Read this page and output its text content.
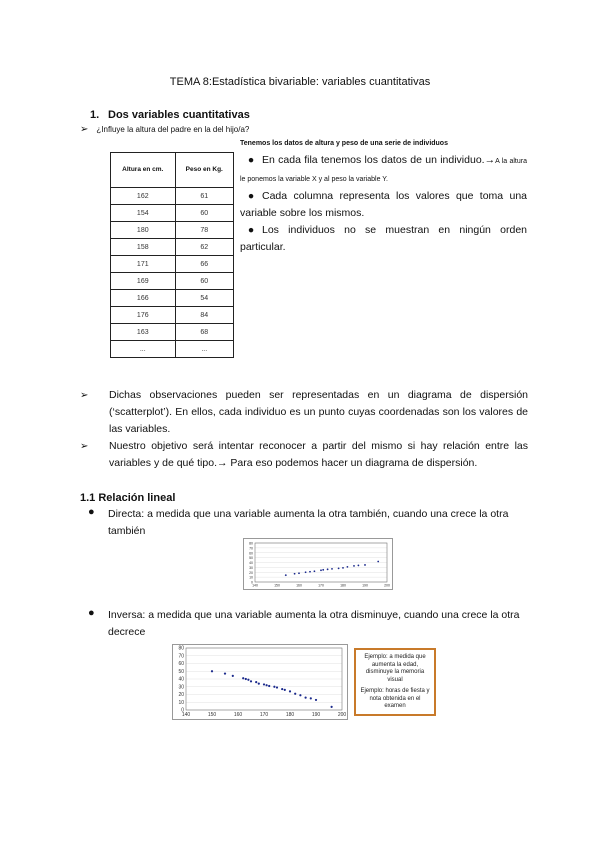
TEMA 8:Estadística bivariable: variables cuantitativas
1. Dos variables cuantitativas
➢ ¿Influye la altura del padre en la del hijo/a?
Tenemos los datos de altura y peso de una serie de individuos
Altura en cm.	Peso en Kg.
162	61
154	60
180	78
158	62
171	66
169	60
166	54
176	84
163	68
...	...
● En cada fila tenemos los datos de un individuo.→A la altura le ponemos la variable X y al peso la variable Y.
● Cada columna representa los valores que toma una variable sobre los mismos.
● Los individuos no se muestran en ningún orden particular.
➢ Dichas observaciones pueden ser representadas en un diagrama de dispersión (‘scatterplot’). En ellos, cada individuo es un punto cuyas coordenadas son los valores de las variables.
➢ Nuestro objetivo será intentar reconocer a partir del mismo si hay relación entre las variables y de qué tipo.→ Para eso podemos hacer un diagrama de dispersión.
1.1 Relación lineal
● Directa: a medida que una variable aumenta la otra también, cuando una crece la otra también
0
10
20
30
40
50
60
70
80
140	150	160	170	180	190	200
● Inversa: a medida que una variable aumenta la otra disminuye, cuando una crece la otra decrece
0
10
20
30
40
50
60
70
80
140	150	160	170	180	190	200

Ejemplo: a medida que aumenta la edad, disminuye la memoria visual

Ejemplo: horas de fiesta y nota obtenida en el examen
